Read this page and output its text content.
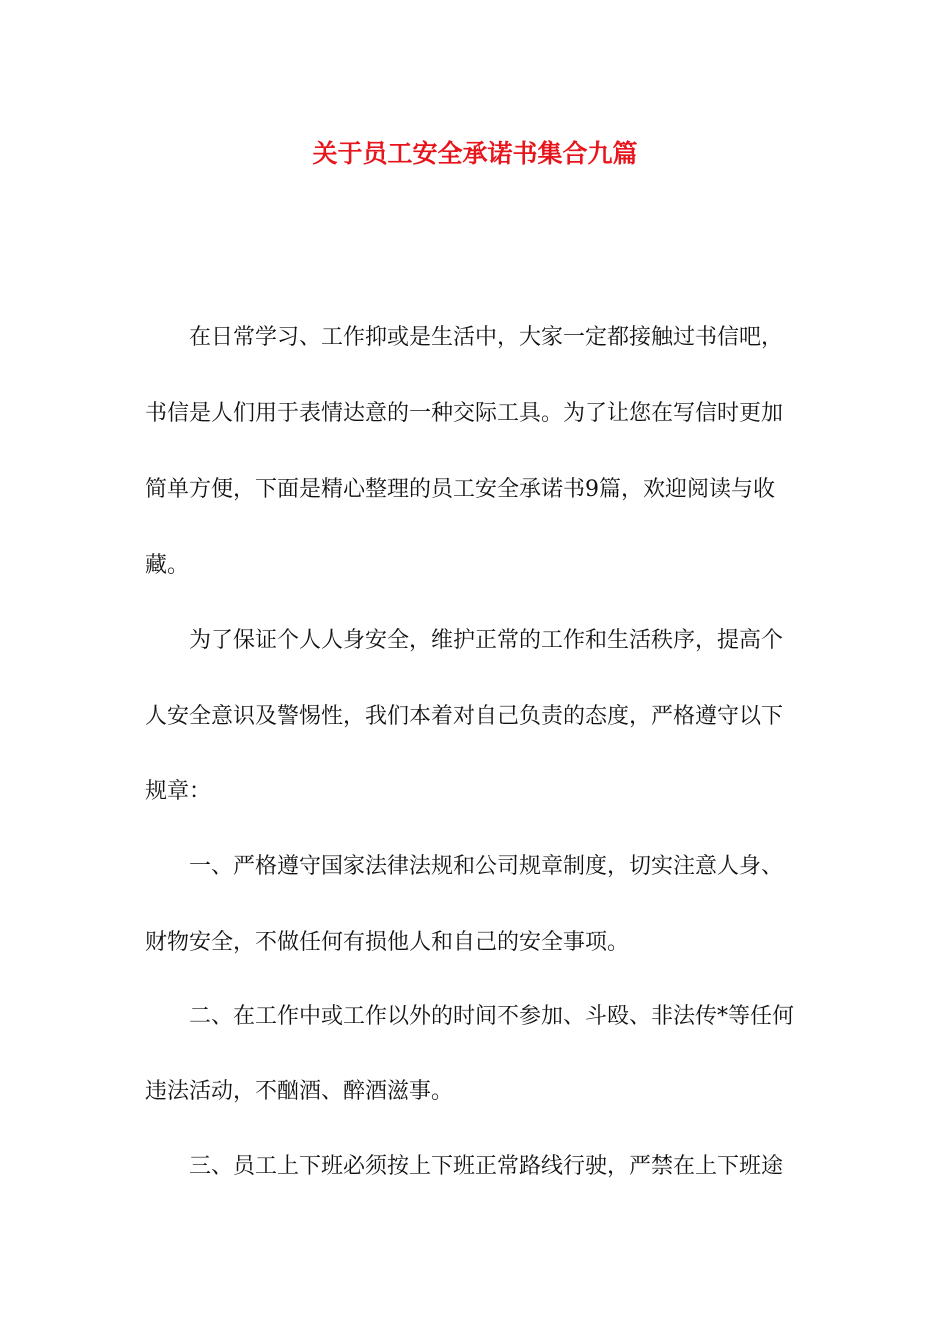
关于员工安全承诺书集合九篇
在日常学习、工作抑或是生活中，大家一定都接触过书信吧，
书信是人们用于表情达意的一种交际工具。为了让您在写信时更加
简单方便，下面是精心整理的员工安全承诺书9篇，欢迎阅读与收
藏。
为了保证个人人身安全，维护正常的工作和生活秩序，提高个
人安全意识及警惕性，我们本着对自己负责的态度，严格遵守以下
规章：
一、严格遵守国家法律法规和公司规章制度，切实注意人身、
财物安全，不做任何有损他人和自己的安全事项。
二、在工作中或工作以外的时间不参加、斗殴、非法传*等任何
违法活动，不酗酒、醉酒滋事。
三、员工上下班必须按上下班正常路线行驶，严禁在上下班途
